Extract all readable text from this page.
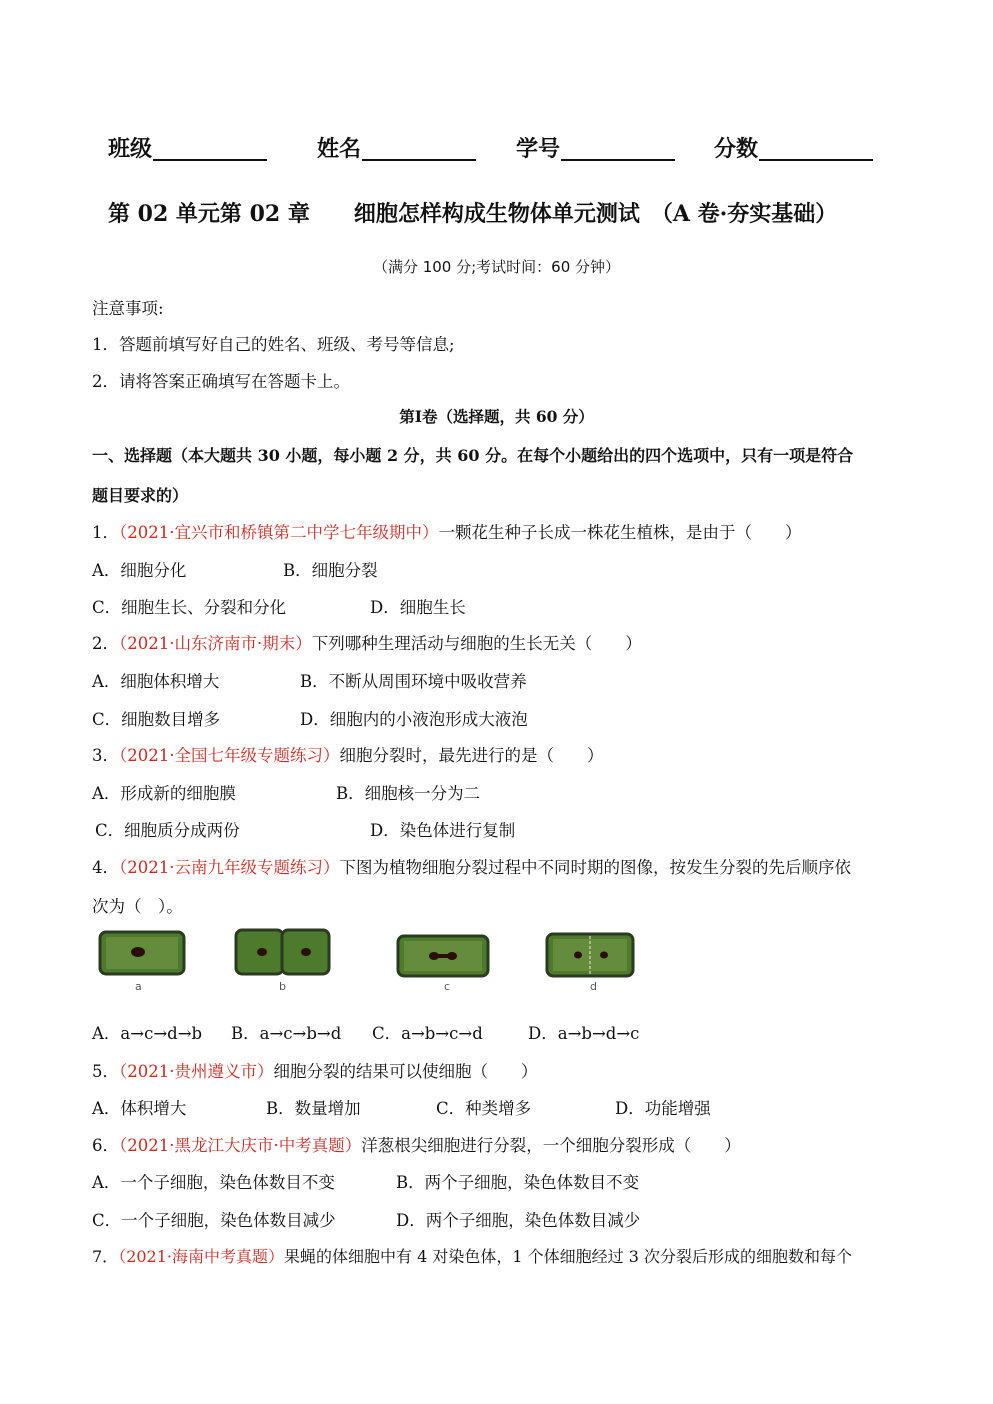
班级	姓名	学号	分数
第 02 单元第 02 章　　细胞怎样构成生物体单元测试　（A 卷·夯实基础）
（满分 100 分;考试时间：60 分钟）
注意事项:
1．答题前填写好自己的姓名、班级、考号等信息;
2．请将答案正确填写在答题卡上。
第Ⅰ卷（选择题，共 60 分）
一、选择题（本大题共 30 小题，每小题 2 分，共 60 分。在每个小题给出的四个选项中，只有一项是符合
题目要求的）
1．（2021·宜兴市和桥镇第二中学七年级期中）一颗花生种子长成一株花生植株，是由于（　　）
A．细胞分化	B．细胞分裂
C．细胞生长、分裂和分化	D．细胞生长
2．（2021·山东济南市·期末）下列哪种生理活动与细胞的生长无关（　　）
A．细胞体积增大	B．不断从周围环境中吸收营养
C．细胞数目增多	D．细胞内的小液泡形成大液泡
3．（2021·全国七年级专题练习）细胞分裂时，最先进行的是（　　）
A．形成新的细胞膜	B．细胞核一分为二
C．细胞质分成两份	D．染色体进行复制
4．（2021·云南九年级专题练习）下图为植物细胞分裂过程中不同时期的图像，按发生分裂的先后顺序依
次为（　）。
a	b	c	d
A．a→c→d→b B．a→c→b→d C．a→b→c→d	D．a→b→d→c
5．（2021·贵州遵义市）细胞分裂的结果可以使细胞（　　）
A．体积增大	B．数量增加	C．种类增多	D．功能增强
6．（2021·黑龙江大庆市·中考真题）洋葱根尖细胞进行分裂，一个细胞分裂形成（　　）
A．一个子细胞，染色体数目不变	B．两个子细胞，染色体数目不变
C．一个子细胞，染色体数目减少	D．两个子细胞，染色体数目减少
7．（2021·海南中考真题）果蝇的体细胞中有 4 对染色体，1 个体细胞经过 3 次分裂后形成的细胞数和每个
